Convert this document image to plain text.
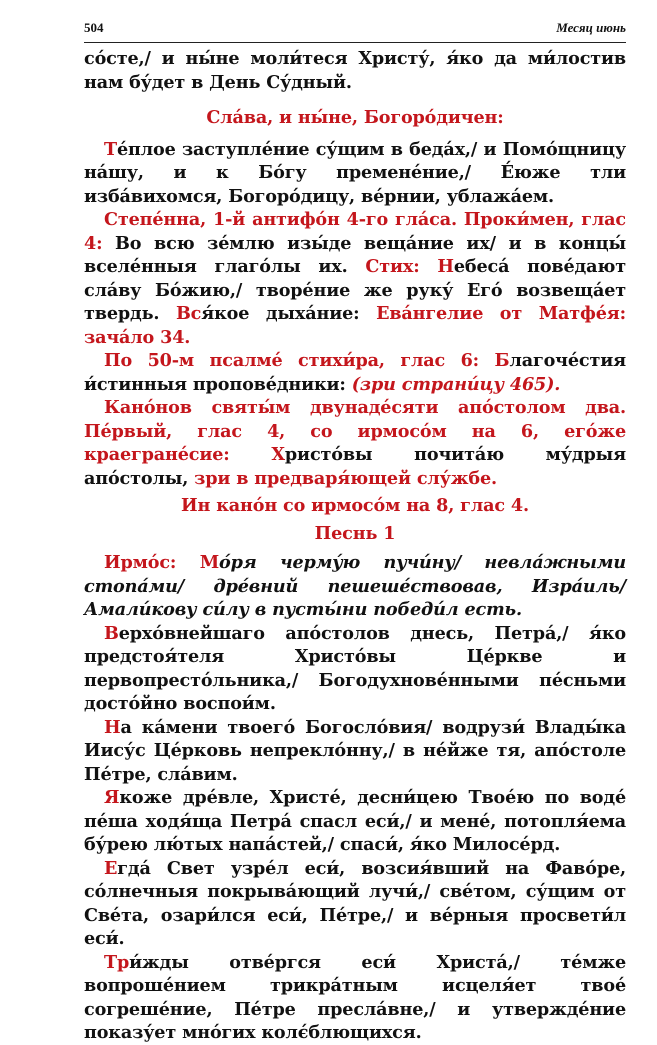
504	Месяц июнь

со́сте,/ и ны́не моли́теся Христу́, я́ко да ми́лостив нам бу́дет в День Су́дный.

Сла́ва, и ны́не, Богоро́дичен:

Те́плое заступле́ние су́щим в беда́х,/ и Помо́щницу на́шу, и к Бо́гу премене́ние,/ Е́юже тли изба́вихомся, Богоро́дицу, ве́рнии, ублажа́ем.

Степе́нна, 1-й антифо́н 4-го гла́са. Проки́мен, глас 4: Во всю зе́млю изы́де веща́ние их/ и в концы́ вселе́нныя глаго́лы их. Стих: Небеса́ пове́дают сла́ву Бо́жию,/ творе́ние же руку́ Его́ возвеща́ет твердь. Вся́кое дыха́ние: Ева́нгелие от Матфе́я: зача́ло 34.

По 50-м псалме́ стихи́ра, глас 6: Благоче́стия и́стинныя пропове́дники: (зри страни́цу 465).

Кано́нов святы́м двунаде́сяти апо́столом два. Пе́рвый, глас 4, со ирмосо́м на 6, его́же краегране́сие: Христо́вы почита́ю му́дрыя апо́столы, зри в предваря́ющей слу́жбе.

Ин кано́н со ирмосо́м на 8, глас 4.
Песнь 1

Ирмо́с: Мо́ря черму́ю пучи́ну/ невла́жными стопа́ми/ дре́вний пешеше́ствовав, Изра́иль/ Амали́кову си́лу в пусты́ни победи́л есть.

Верхо́внейшаго апо́столов днесь, Петра́,/ я́ко предстоя́теля Христо́вы Це́ркве и первопресто́льника,/ Богодухнове́нными пе́сньми досто́йно воспои́м.

На ка́мени твоего́ Богосло́вия/ водрузи́ Влады́ка Иису́с Це́рковь непрекло́нну,/ в не́йже тя, апо́столе Пе́тре, сла́вим.

Якоже дре́вле, Христе́, десни́цею Твое́ю по воде́ пе́ша ходя́ща Петра́ спасл еси́,/ и мене́, потопля́ема бу́рею лю́тых напа́стей,/ спаси́, я́ко Милосе́рд.

Егда́ Свет узре́л еси́, возсия́вший на Фаво́ре, со́лнечныя покрыва́ющий лучи́,/ све́том, су́щим от Све́та, озари́лся еси́, Пе́тре,/ и ве́рныя просвети́л еси́.

Три́жды отве́ргся еси́ Христа́,/ те́мже вопроше́нием трикра́тным исцеля́ет твое́ согреше́ние, Пе́тре пресла́вне,/ и утвержде́ние показу́ет мно́гих колє́блющихся.
